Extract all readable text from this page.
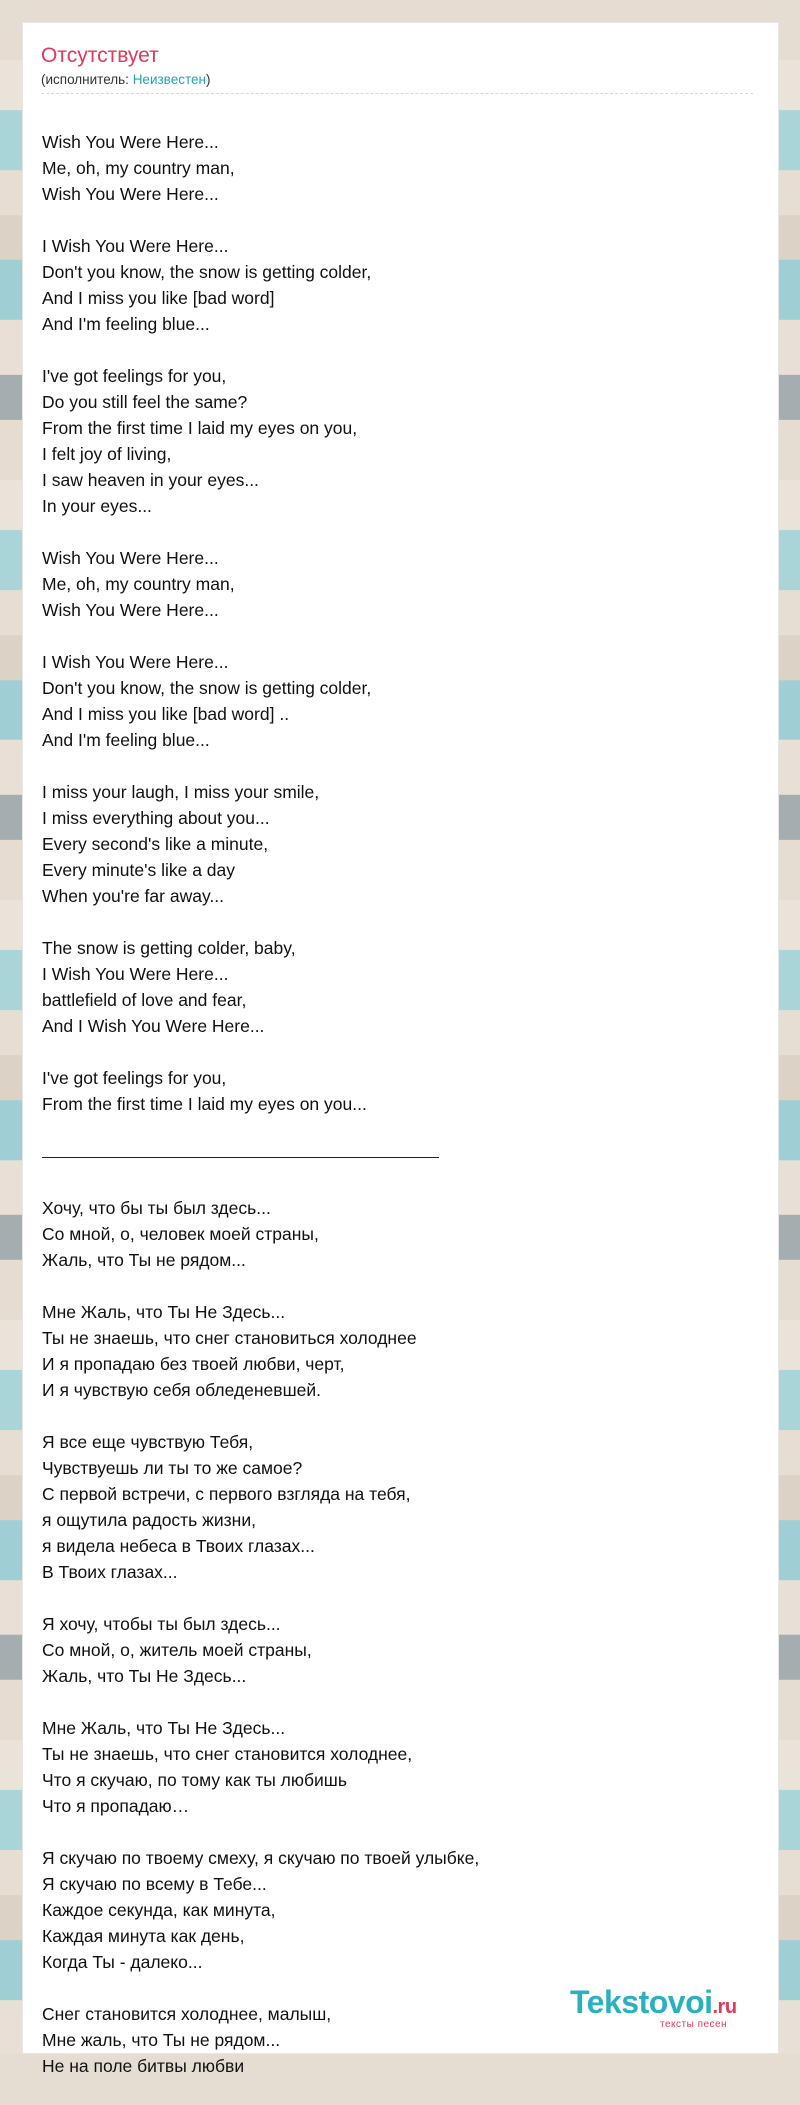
Отсутствует
(исполнитель: Неизвестен)

Wish You Were Here...
Me, oh, my country man,
Wish You Were Here...
I Wish You Were Here...
Don't you know, the snow is getting colder,
And I miss you like [bad word]
And I'm feeling blue...
I've got feelings for you,
Do you still feel the same?
From the first time I laid my eyes on you,
I felt joy of living,
I saw heaven in your eyes...
In your eyes...
Wish You Were Here...
Me, oh, my country man,
Wish You Were Here...
I Wish You Were Here...
Don't you know, the snow is getting colder,
And I miss you like [bad word] ..
And I'm feeling blue...
I miss your laugh, I miss your smile,
I miss everything about you...
Every second's like a minute,
Every minute's like a day
When you're far away...
The snow is getting colder, baby,
I Wish You Were Here...
battlefield of love and fear,
And I Wish You Were Here...
I've got feelings for you,
From the first time I laid my eyes on you...

Хочу, что бы ты был здесь...
Со мной, о, человек моей страны,
Жаль, что Ты не рядом...
Мне Жаль, что Ты Не Здесь...
Ты не знаешь, что снег становиться холоднее
И я пропадаю без твоей любви, черт,
И я чувствую себя обледеневшей.
Я все еще чувствую Тебя,
Чувствуешь ли ты то же самое?
С первой встречи, с первого взгляда на тебя,
я ощутила радость жизни,
я видела небеса в Твоих глазах...
В Твоих глазах...
Я хочу, чтобы ты был здесь...
Со мной, о, житель моей страны,
Жаль, что Ты Не Здесь...
Мне Жаль, что Ты Не Здесь...
Ты не знаешь, что снег становится холоднее,
Что я скучаю, по тому как ты любишь
Что я пропадаю…
Я скучаю по твоему смеху, я скучаю по твоей улыбке,
Я скучаю по всему в Тебе...
Каждое секунда, как минута,
Каждая минута как день,
Когда Ты - далеко...
Снег становится холоднее, малыш,
Мне жаль, что Ты не рядом...
Не на поле битвы любви

Tekstovoi.ru
тексты песен
